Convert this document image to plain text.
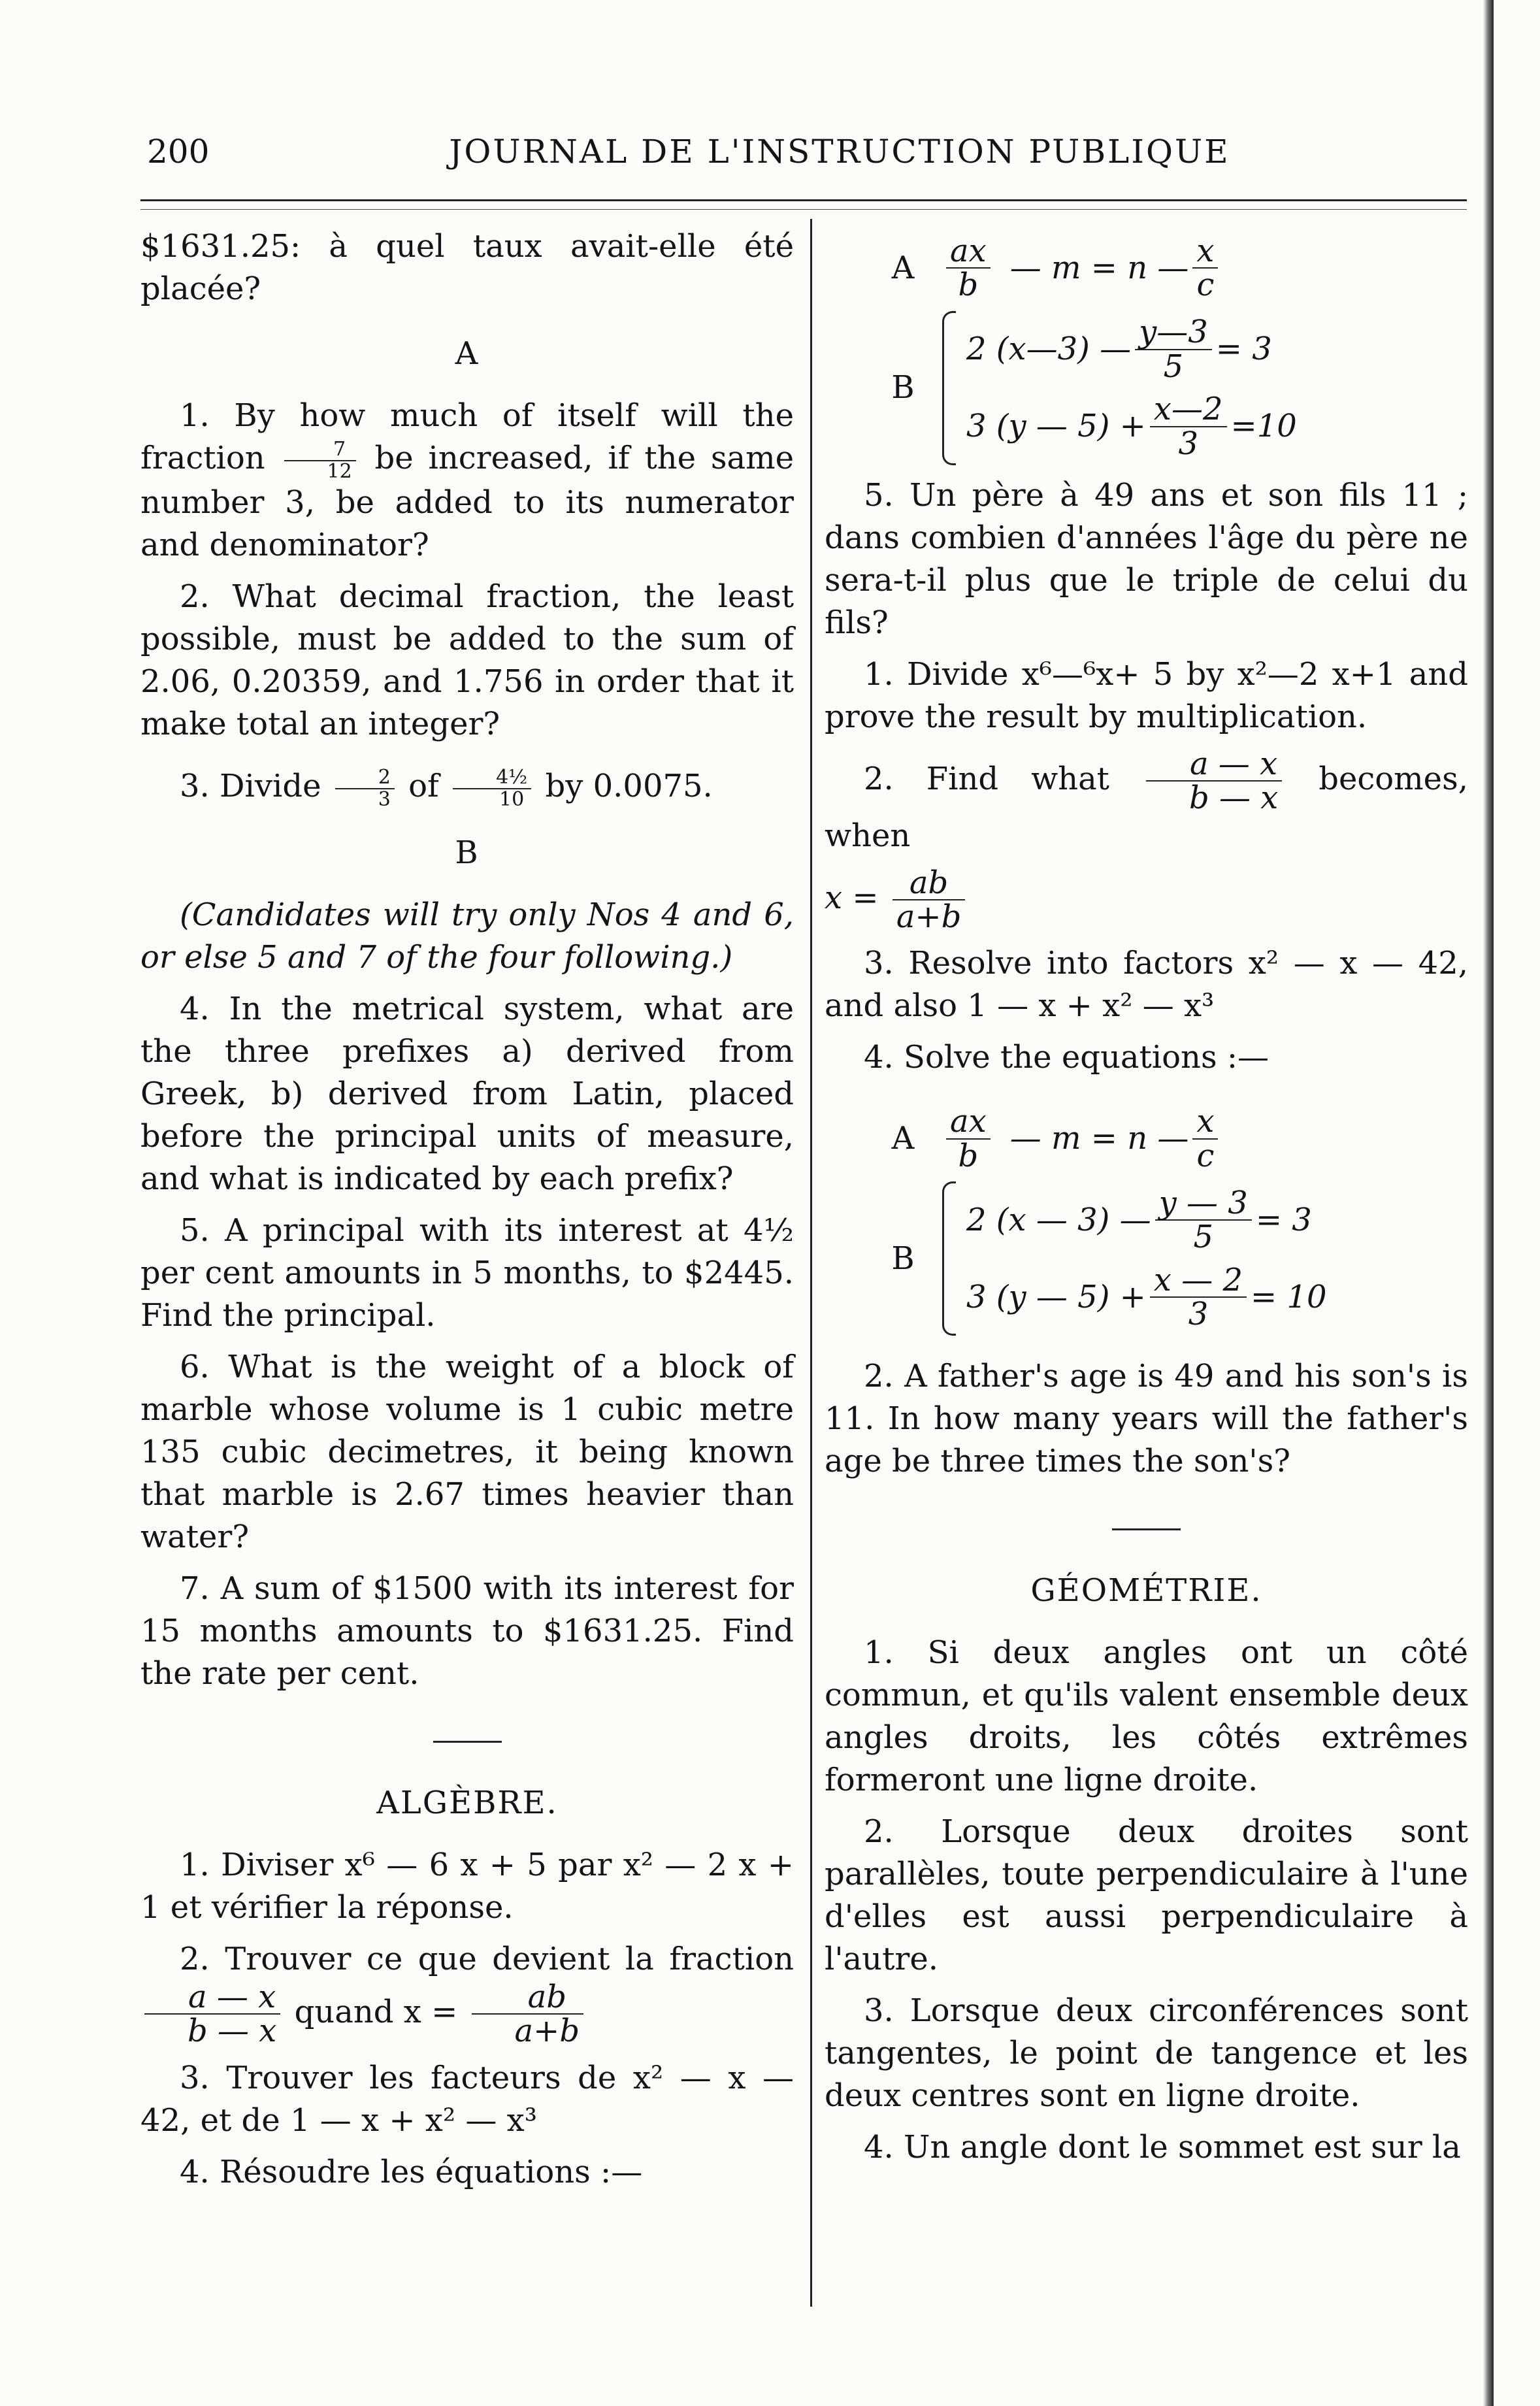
200	JOURNAL DE L'INSTRUCTION PUBLIQUE

$1631.25: à quel taux avait-elle été placée?

A

1. By how much of itself will the fraction $\frac{7}{12}$ be increased, if the same number 3, be added to its numerator and denominator?

2. What decimal fraction, the least possible, must be added to the sum of 2.06, 0.20359, and 1.756 in order that it make total an integer?

3. Divide $\frac{2}{3}$ of $\frac{\text{4½}}{10}$ by 0.0075.

B

(Candidates will try only Nos 4 and 6, or else 5 and 7 of the four following.)

4. In the metrical system, what are the three prefixes a) derived from Greek, b) derived from Latin, placed before the principal units of measure, and what is indicated by each prefix?

5. A principal with its interest at 4½ per cent amounts in 5 months, to $2445. Find the principal.

6. What is the weight of a block of marble whose volume is 1 cubic metre 135 cubic decimetres, it being known that marble is 2.67 times heavier than water?

7. A sum of $1500 with its interest for 15 months amounts to $1631.25. Find the rate per cent.

ALGÈBRE.

1. Diviser x⁶ — 6 x + 5 par x² — 2 x + 1 et vérifier la réponse.

2. Trouver ce que devient la fraction
$\frac{a — x}{b — x}$ quand $x = \frac{ab}{a+b}$

3. Trouver les facteurs de x² — x — 42, et de 1 — x + x² — x³

4. Résoudre les équations :—

A	$\frac{ax}{b}$ — m = n — $\frac{x}{c}$
B
2 (x—3) — $\frac{y—3}{5} = 3$
3 (y — $5) + \frac{x—2}{3} =10$

5. Un père à 49 ans et son fils 11 ; dans combien d'années l'âge du père ne sera-t-il plus que le triple de celui du fils?

1. Divide x⁶—⁶x+ 5 by x²—2 x+1 and prove the result by multiplication.

2. Find what $\frac{a — x}{b — x}$ becomes, when

$x = \frac{ab}{a+b}$

3. Resolve into factors x² — x — 42, and also 1 — x + x² — x³

4. Solve the equations :—

A	$\frac{ax}{b}$ — m = n — $\frac{x}{c}$
B
2 (x — 3) — $\frac{y — 3}{5} = 3$
3 (y — $5) + \frac{x — 2}{3} = 10$

2. A father's age is 49 and his son's is 11. In how many years will the father's age be three times the son's?

GÉOMÉTRIE.

1. Si deux angles ont un côté commun, et qu'ils valent ensemble deux angles droits, les côtés extrêmes formeront une ligne droite.

2. Lorsque deux droites sont parallèles, toute perpendiculaire à l'une d'elles est aussi perpendiculaire à l'autre.

3. Lorsque deux circonférences sont tangentes, le point de tangence et les deux centres sont en ligne droite.

4. Un angle dont le sommet est sur la
